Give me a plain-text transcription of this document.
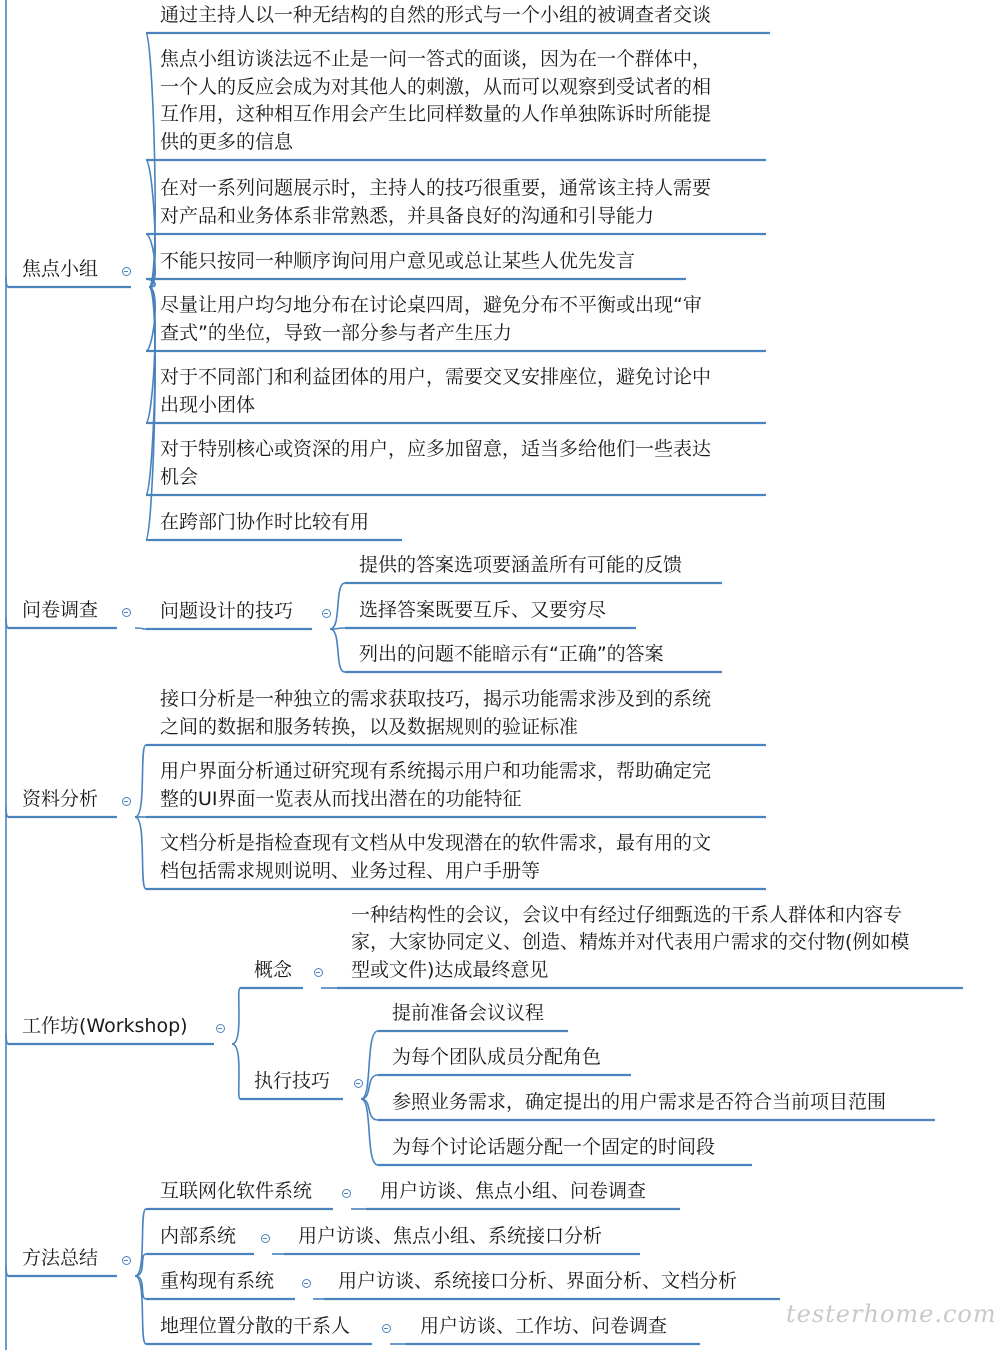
焦点小组
通过主持人以一种无结构的自然的形式与一个小组的被调查者交谈
焦点小组访谈法远不止是一问一答式的面谈，因为在一个群体中，
一个人的反应会成为对其他人的刺激，从而可以观察到受试者的相
互作用，这种相互作用会产生比同样数量的人作单独陈诉时所能提
供的更多的信息
在对一系列问题展示时，主持人的技巧很重要，通常该主持人需要
对产品和业务体系非常熟悉，并具备良好的沟通和引导能力
不能只按同一种顺序询问用户意见或总让某些人优先发言
尽量让用户均匀地分布在讨论桌四周，避免分布不平衡或出现“审
查式”的坐位，导致一部分参与者产生压力
对于不同部门和利益团体的用户，需要交叉安排座位，避免讨论中
出现小团体
对于特别核心或资深的用户，应多加留意，适当多给他们一些表达
机会
在跨部门协作时比较有用
问卷调查	问题设计的技巧
提供的答案选项要涵盖所有可能的反馈
选择答案既要互斥、又要穷尽
列出的问题不能暗示有“正确”的答案
资料分析
接口分析是一种独立的需求获取技巧，揭示功能需求涉及到的系统
之间的数据和服务转换，以及数据规则的验证标准
用户界面分析通过研究现有系统揭示用户和功能需求，帮助确定完
整的UI界面一览表从而找出潜在的功能特征
文档分析是指检查现有文档从中发现潜在的软件需求，最有用的文
档包括需求规则说明、业务过程、用户手册等
工作坊(Workshop)
概念
一种结构性的会议，会议中有经过仔细甄选的干系人群体和内容专
家，大家协同定义、创造、精炼并对代表用户需求的交付物(例如模
型或文件)达成最终意见
执行技巧
提前准备会议议程
为每个团队成员分配角色
参照业务需求，确定提出的用户需求是否符合当前项目范围
为每个讨论话题分配一个固定的时间段
方法总结
互联网化软件系统	用户访谈、焦点小组、问卷调查
内部系统	用户访谈、焦点小组、系统接口分析
重构现有系统	用户访谈、系统接口分析、界面分析、文档分析
地理位置分散的干系人	用户访谈、工作坊、问卷调查	testerhome.com
